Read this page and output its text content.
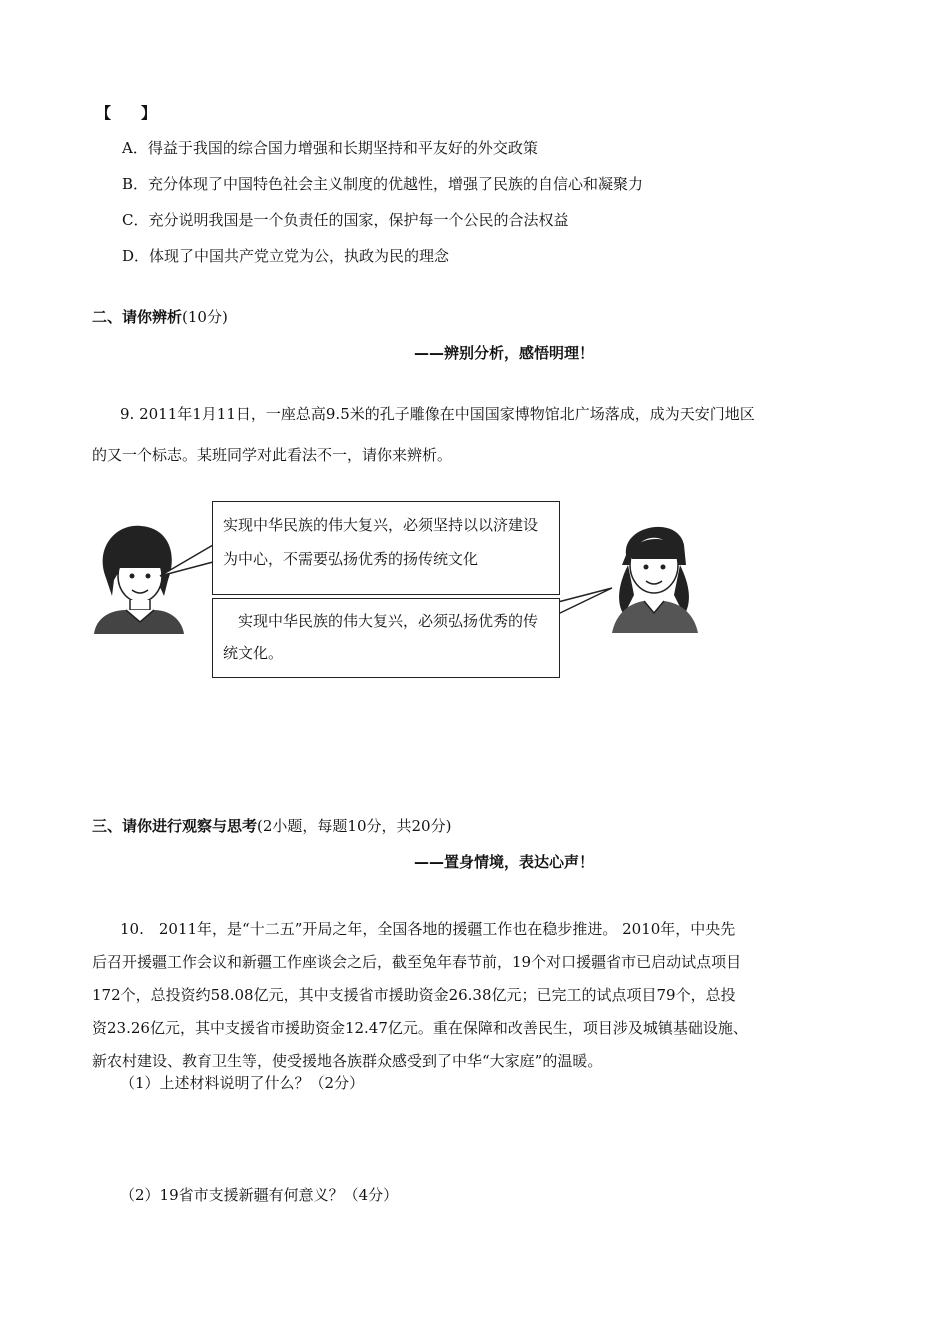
【　　】
A．得益于我国的综合国力增强和长期坚持和平友好的外交政策
B．充分体现了中国特色社会主义制度的优越性，增强了民族的自信心和凝聚力
C．充分说明我国是一个负责任的国家，保护每一个公民的合法权益
D．体现了中国共产党立党为公，执政为民的理念
二、请你辨析(10分)
——辨别分析，感悟明理！
9. 2011年1月11日，一座总高9.5米的孔子雕像在中国国家博物馆北广场落成，成为天安门地区
的又一个标志。某班同学对此看法不一，请你来辨析。
实现中华民族的伟大复兴，必须坚持以以济建设为中心，不需要弘扬优秀的扬传统文化
　实现中华民族的伟大复兴，必须弘扬优秀的传统文化。
三、请你进行观察与思考(2小题，每题10分，共20分)
——置身情境，表达心声！
10.　2011年，是“十二五”开局之年，全国各地的援疆工作也在稳步推进。 2010年，中央先
后召开援疆工作会议和新疆工作座谈会之后，截至兔年春节前，19个对口援疆省市已启动试点项目
172个，总投资约58.08亿元，其中支援省市援助资金26.38亿元；已完工的试点项目79个，总投
资23.26亿元，其中支援省市援助资金12.47亿元。重在保障和改善民生，项目涉及城镇基础设施、
新农村建设、教育卫生等，使受援地各族群众感受到了中华“大家庭”的温暖。
（1）上述材料说明了什么？（2分）
（2）19省市支援新疆有何意义？（4分）
